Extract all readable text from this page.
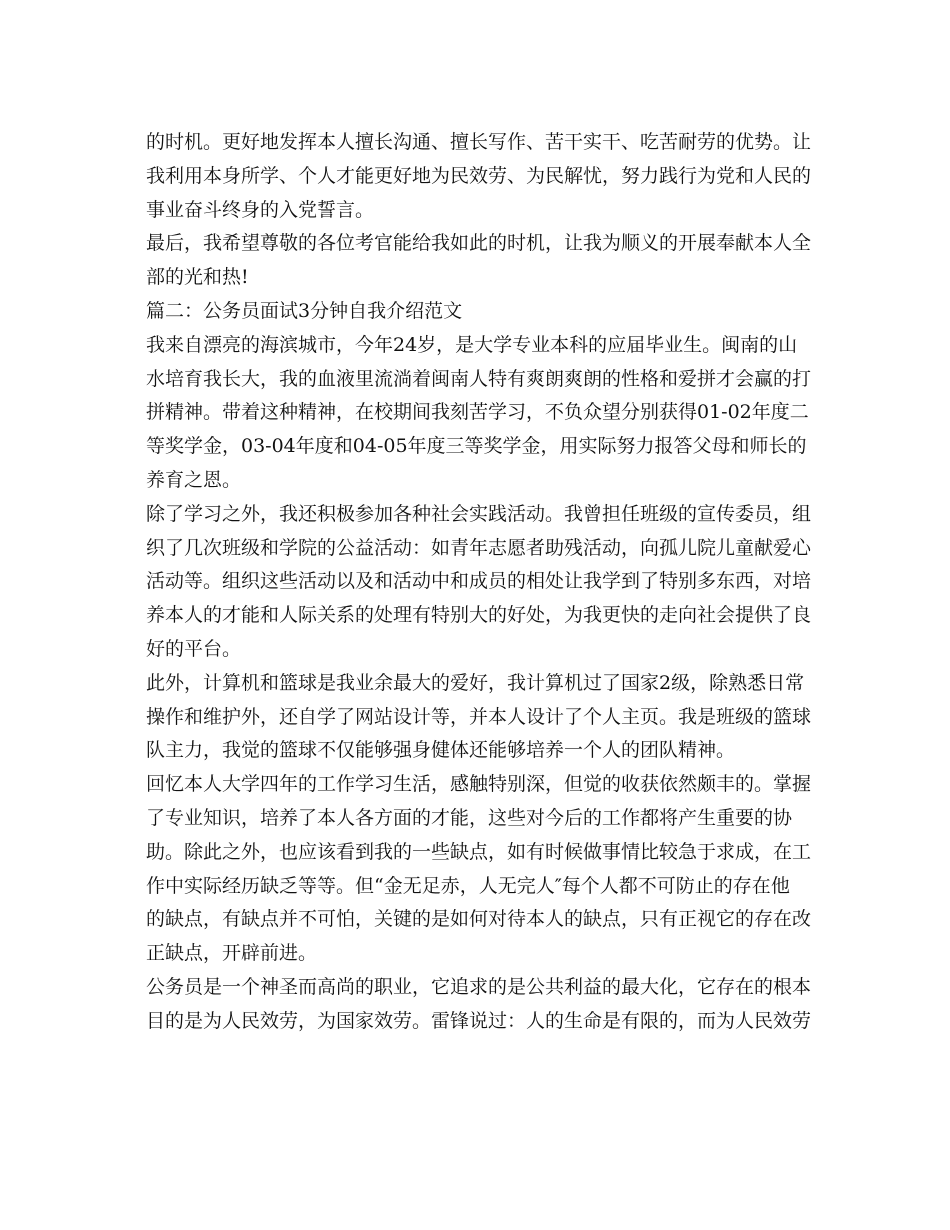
的时机。更好地发挥本人擅长沟通、擅长写作、苦干实干、吃苦耐劳的优势。让
我利用本身所学、个人才能更好地为民效劳、为民解忧，努力践行为党和人民的
事业奋斗终身的入党誓言。
最后，我希望尊敬的各位考官能给我如此的时机，让我为顺义的开展奉献本人全
部的光和热!
篇二：公务员面试3分钟自我介绍范文
我来自漂亮的海滨城市，今年24岁，是大学专业本科的应届毕业生。闽南的山
水培育我长大，我的血液里流淌着闽南人特有爽朗爽朗的性格和爱拼才会赢的打
拼精神。带着这种精神，在校期间我刻苦学习，不负众望分别获得01-02年度二
等奖学金，03-04年度和04-05年度三等奖学金，用实际努力报答父母和师长的
养育之恩。
除了学习之外，我还积极参加各种社会实践活动。我曾担任班级的宣传委员，组
织了几次班级和学院的公益活动：如青年志愿者助残活动，向孤儿院儿童献爱心
活动等。组织这些活动以及和活动中和成员的相处让我学到了特别多东西，对培
养本人的才能和人际关系的处理有特别大的好处，为我更快的走向社会提供了良
好的平台。
此外，计算机和篮球是我业余最大的爱好，我计算机过了国家2级，除熟悉日常
操作和维护外，还自学了网站设计等，并本人设计了个人主页。我是班级的篮球
队主力，我觉的篮球不仅能够强身健体还能够培养一个人的团队精神。
回忆本人大学四年的工作学习生活，感触特别深，但觉的收获依然颇丰的。掌握
了专业知识，培养了本人各方面的才能，这些对今后的工作都将产生重要的协
助。除此之外，也应该看到我的一些缺点，如有时候做事情比较急于求成，在工
作中实际经历缺乏等等。但“金无足赤，人无完人″每个人都不可防止的存在他
的缺点，有缺点并不可怕，关键的是如何对待本人的缺点，只有正视它的存在改
正缺点，开辟前进。
公务员是一个神圣而高尚的职业，它追求的是公共利益的最大化，它存在的根本
目的是为人民效劳，为国家效劳。雷锋说过：人的生命是有限的，而为人民效劳
